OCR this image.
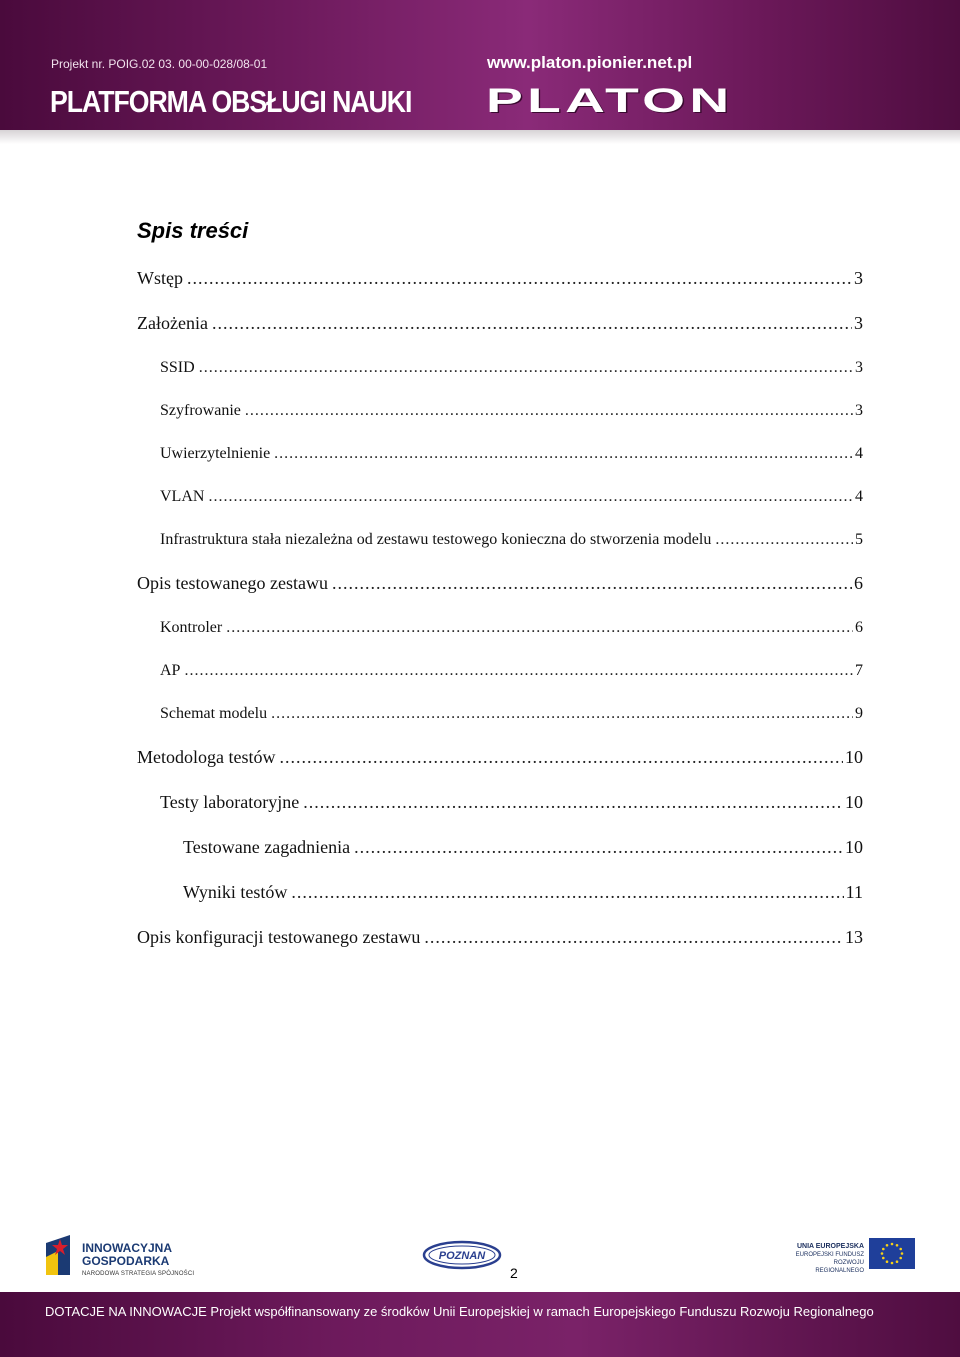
Projekt nr. POIG.02 03. 00-00-028/08-01	www.platon.pionier.net.pl
PLATFORMA OBSŁUGI NAUKI PLATON
Spis treści
Wstęp .....	3
Założenia .....	3
SSID .....	3
Szyfrowanie .....	3
Uwierzytelnienie .....	4
VLAN .....	4
Infrastruktura stała niezależna od zestawu testowego konieczna do stworzenia modelu .....	5
Opis testowanego zestawu .....	6
Kontroler .....	6
AP .....	7
Schemat modelu .....	9
Metodologa testów .....	10
Testy laboratoryjne .....	10
Testowane zagadnienia .....	10
Wyniki testów .....	11
Opis konfiguracji testowanego zestawu .....	13
INNOWACYJNA
GOSPODARKA
NARODOWA STRATEGIA SPÓJNOŚCI
POZNAN
2
UNIA EUROPEJSKA
EUROPEJSKI FUNDUSZ
ROZWOJU REGIONALNEGO
DOTACJE NA INNOWACJE Projekt współfinansowany ze środków Unii Europejskiej w ramach Europejskiego Funduszu Rozwoju Regionalnego
